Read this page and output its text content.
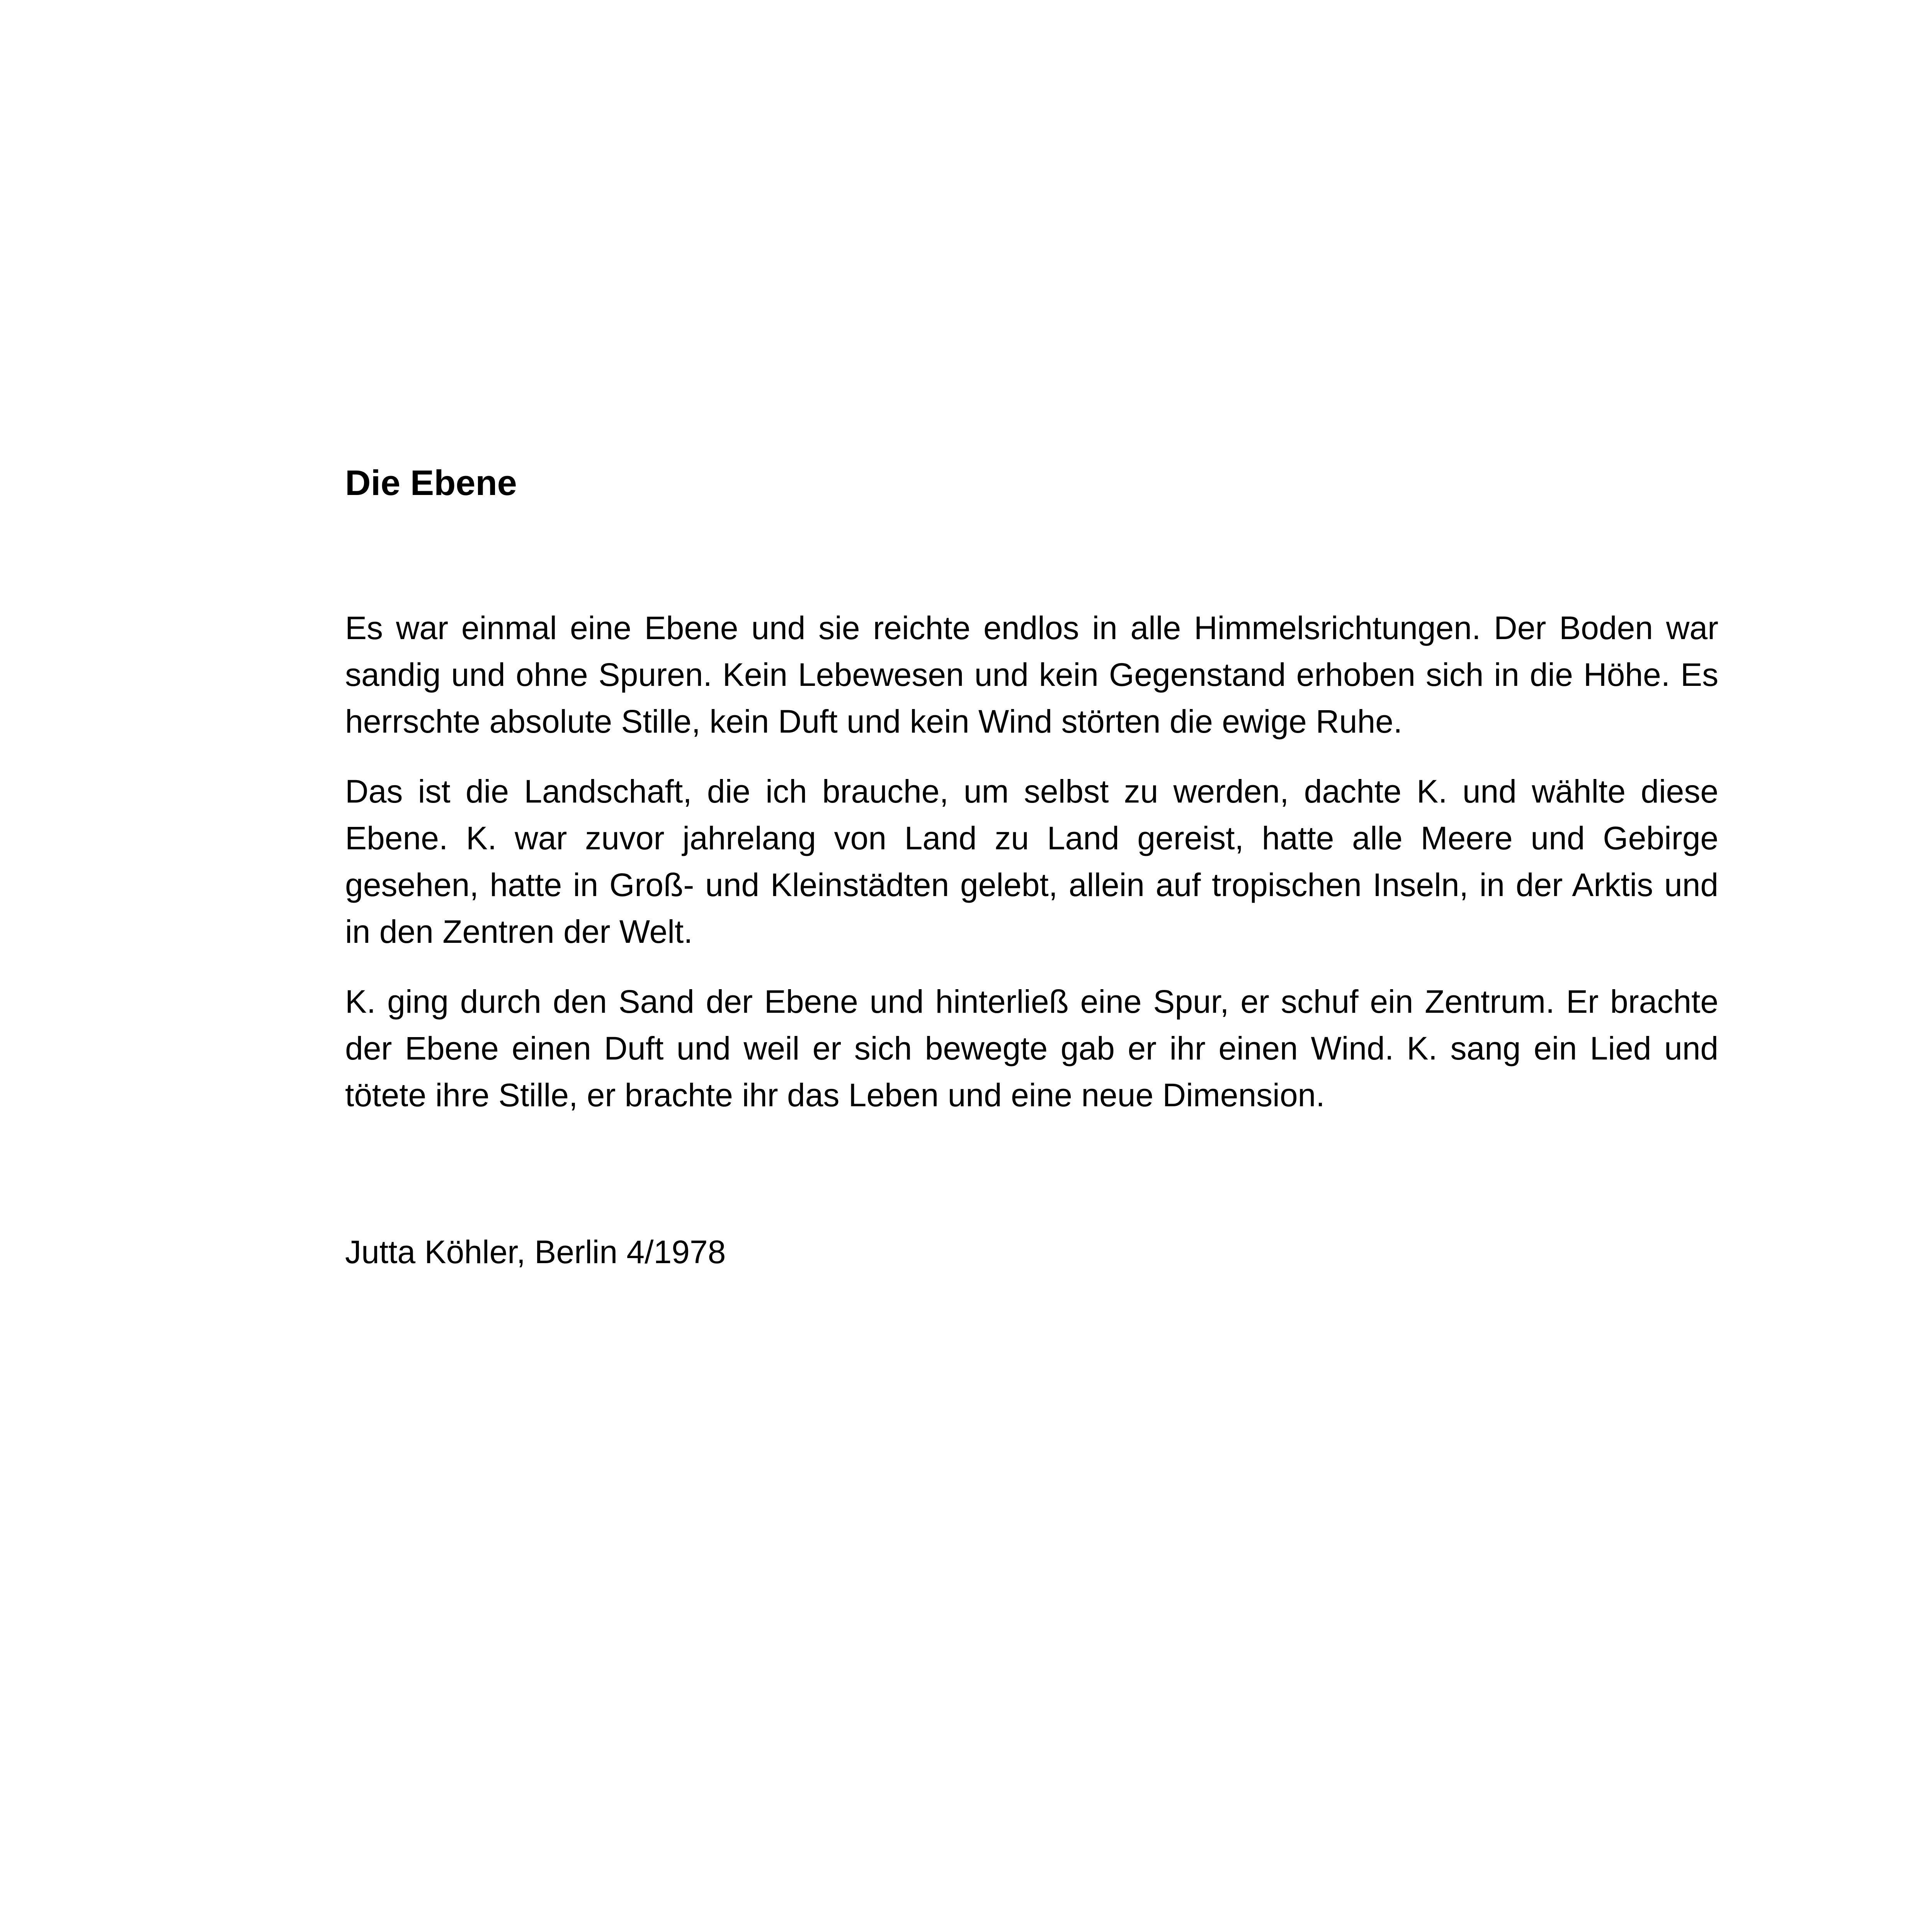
Die Ebene

Es war einmal eine Ebene und sie reichte endlos in alle Himmelsrichtungen. Der Boden war sandig und ohne Spuren. Kein Lebewesen und kein Gegenstand erhoben sich in die Höhe. Es herrschte absolute Stille, kein Duft und kein Wind störten die ewige Ruhe.

Das ist die Landschaft, die ich brauche, um selbst zu werden, dachte K. und wählte diese Ebene. K. war zuvor jahrelang von Land zu Land gereist, hatte alle Meere und Gebirge gesehen, hatte in Groß- und Kleinstädten gelebt, allein auf tropischen Inseln, in der Arktis und in den Zentren der Welt.

K. ging durch den Sand der Ebene und hinterließ eine Spur, er schuf ein Zentrum. Er brachte der Ebene einen Duft und weil er sich bewegte gab er ihr einen Wind. K. sang ein Lied und tötete ihre Stille, er brachte ihr das Leben und eine neue Dimension.

Jutta Köhler, Berlin 4/1978
